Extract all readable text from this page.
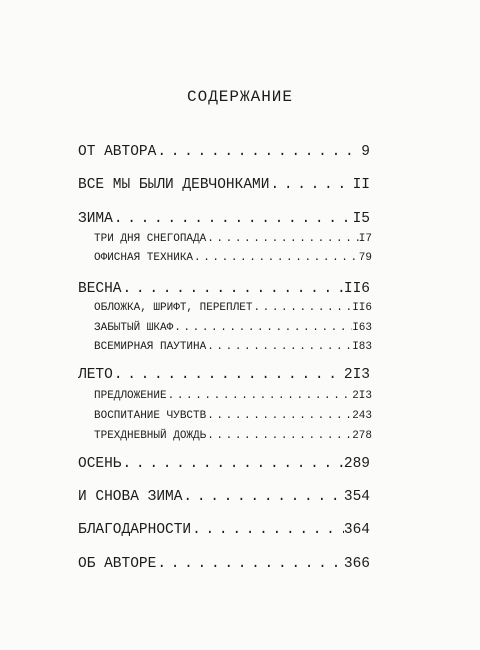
СОДЕРЖАНИЕ
ОТ АВТОРА . . .	9
ВСЕ МЫ БЫЛИ ДЕВЧОНКАМИ . . .	II
ЗИМА . . .	I5
ТРИ ДНЯ СНЕГОПАДА . . .	I7
ОФИСНАЯ ТЕХНИКА . . .	79
ВЕСНА . . .	II6
ОБЛОЖКА, ШРИФТ, ПЕРЕПЛЕТ . . .	II6
ЗАБЫТЫЙ ШКАФ . . .	I63
ВСЕМИРНАЯ ПАУТИНА . . .	I83
ЛЕТО . . .	2I3
ПРЕДЛОЖЕНИЕ . . .	2I3
ВОСПИТАНИЕ ЧУВСТВ . . .	243
ТРЕХДНЕВНЫЙ ДОЖДЬ . . .	278
ОСЕНЬ . . .	289
И СНОВА ЗИМА . . .	354
БЛАГОДАРНОСТИ . . .	364
ОБ АВТОРЕ . . .	366
